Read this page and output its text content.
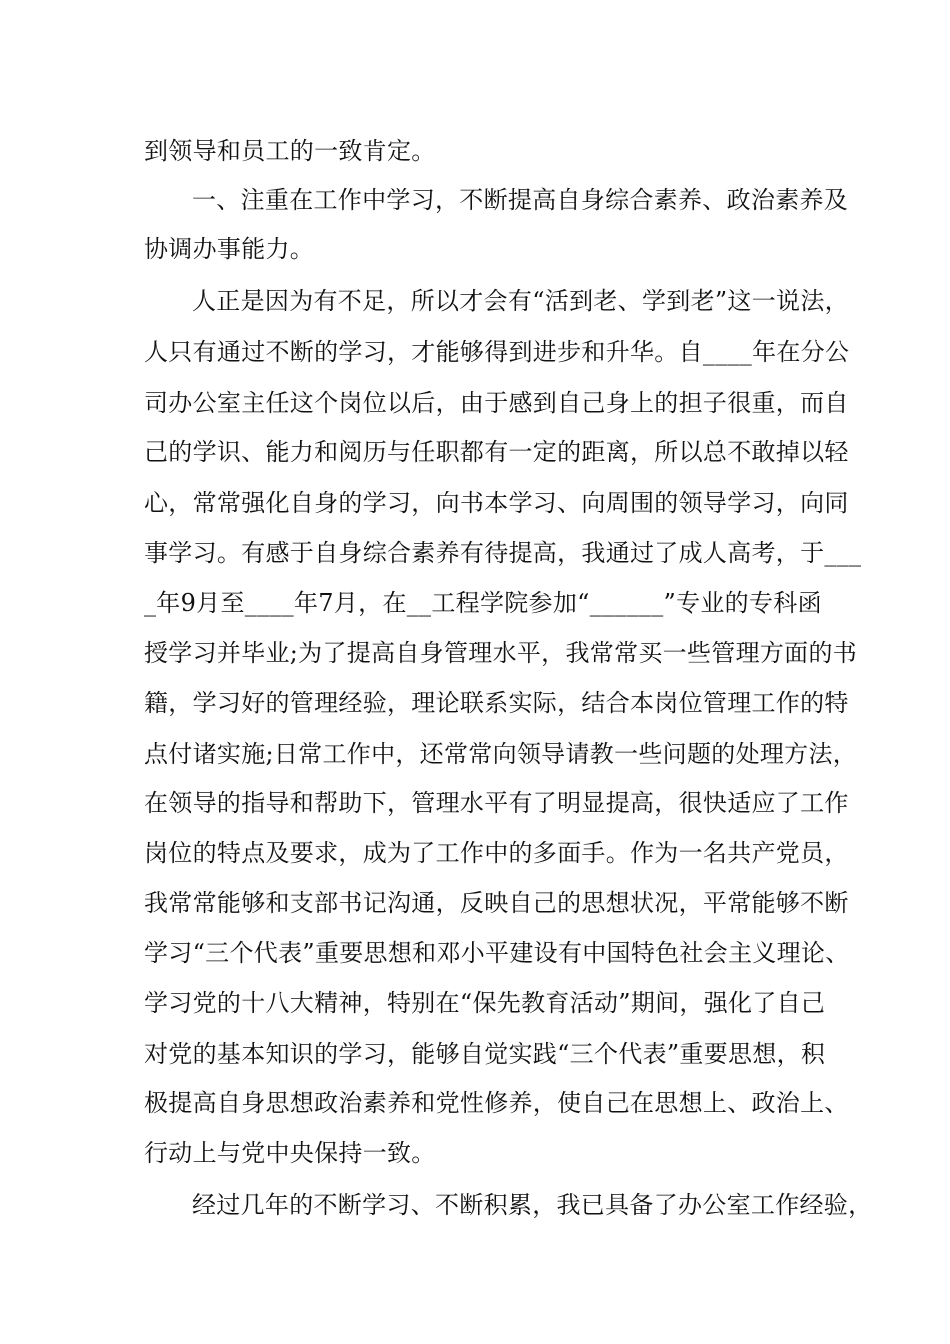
到领导和员工的一致肯定。
一、注重在工作中学习，不断提高自身综合素养、政治素养及
协调办事能力。
人正是因为有不足，所以才会有“活到老、学到老”这一说法，
人只有通过不断的学习，才能够得到进步和升华。自____年在分公
司办公室主任这个岗位以后，由于感到自己身上的担子很重，而自
己的学识、能力和阅历与任职都有一定的距离，所以总不敢掉以轻
心，常常强化自身的学习，向书本学习、向周围的领导学习，向同
事学习。有感于自身综合素养有待提高，我通过了成人高考，于___
_年9月至____年7月，在__工程学院参加“______”专业的专科函
授学习并毕业;为了提高自身管理水平，我常常买一些管理方面的书
籍，学习好的管理经验，理论联系实际，结合本岗位管理工作的特
点付诸实施;日常工作中，还常常向领导请教一些问题的处理方法，
在领导的指导和帮助下，管理水平有了明显提高，很快适应了工作
岗位的特点及要求，成为了工作中的多面手。作为一名共产党员，
我常常能够和支部书记沟通，反映自己的思想状况，平常能够不断
学习“三个代表”重要思想和邓小平建设有中国特色社会主义理论、
学习党的十八大精神，特别在“保先教育活动”期间，强化了自己
对党的基本知识的学习，能够自觉实践“三个代表”重要思想，积
极提高自身思想政治素养和党性修养，使自己在思想上、政治上、
行动上与党中央保持一致。
经过几年的不断学习、不断积累，我已具备了办公室工作经验，
